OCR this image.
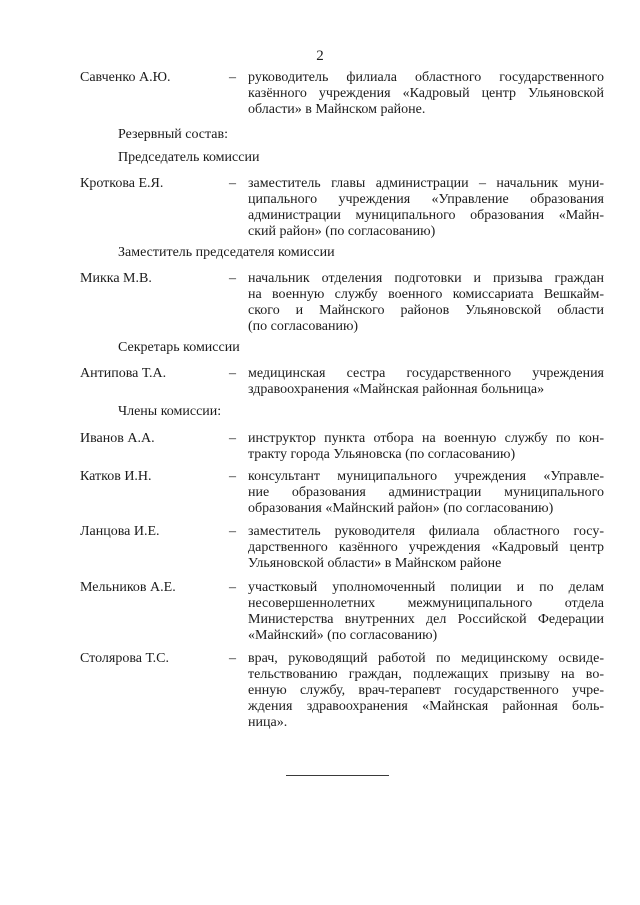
2
Савченко А.Ю.	– руководитель филиала областного государственного
казённого учреждения «Кадровый центр Ульяновской
области» в Майнском районе.
Резервный состав:
Председатель комиссии
Кроткова Е.Я.	– заместитель главы администрации – начальник муни-
ципального учреждения «Управление образования
администрации муниципального образования «Майн-
ский район» (по согласованию)
Заместитель председателя комиссии
Микка М.В.	– начальник отделения подготовки и призыва граждан
на военную службу военного комиссариата Вешкайм-
ского и Майнского районов Ульяновской области
(по согласованию)
Секретарь комиссии
Антипова Т.А.	– медицинская сестра государственного учреждения
здравоохранения «Майнская районная больница»
Члены комиссии:
Иванов А.А.	– инструктор пункта отбора на военную службу по кон-
тракту города Ульяновска (по согласованию)
Катков И.Н.	– консультант муниципального учреждения «Управле-
ние образования администрации муниципального
образования «Майнский район» (по согласованию)
Ланцова И.Е.	– заместитель руководителя филиала областного госу-
дарственного казённого учреждения «Кадровый центр
Ульяновской области» в Майнском районе
Мельников А.Е.	– участковый уполномоченный полиции и по делам
несовершеннолетних межмуниципального отдела
Министерства внутренних дел Российской Федерации
«Майнский» (по согласованию)
Столярова Т.С.	– врач, руководящий работой по медицинскому освиде-
тельствованию граждан, подлежащих призыву на во-
енную службу, врач-терапевт государственного учре-
ждения здравоохранения «Майнская районная боль-
ница».
